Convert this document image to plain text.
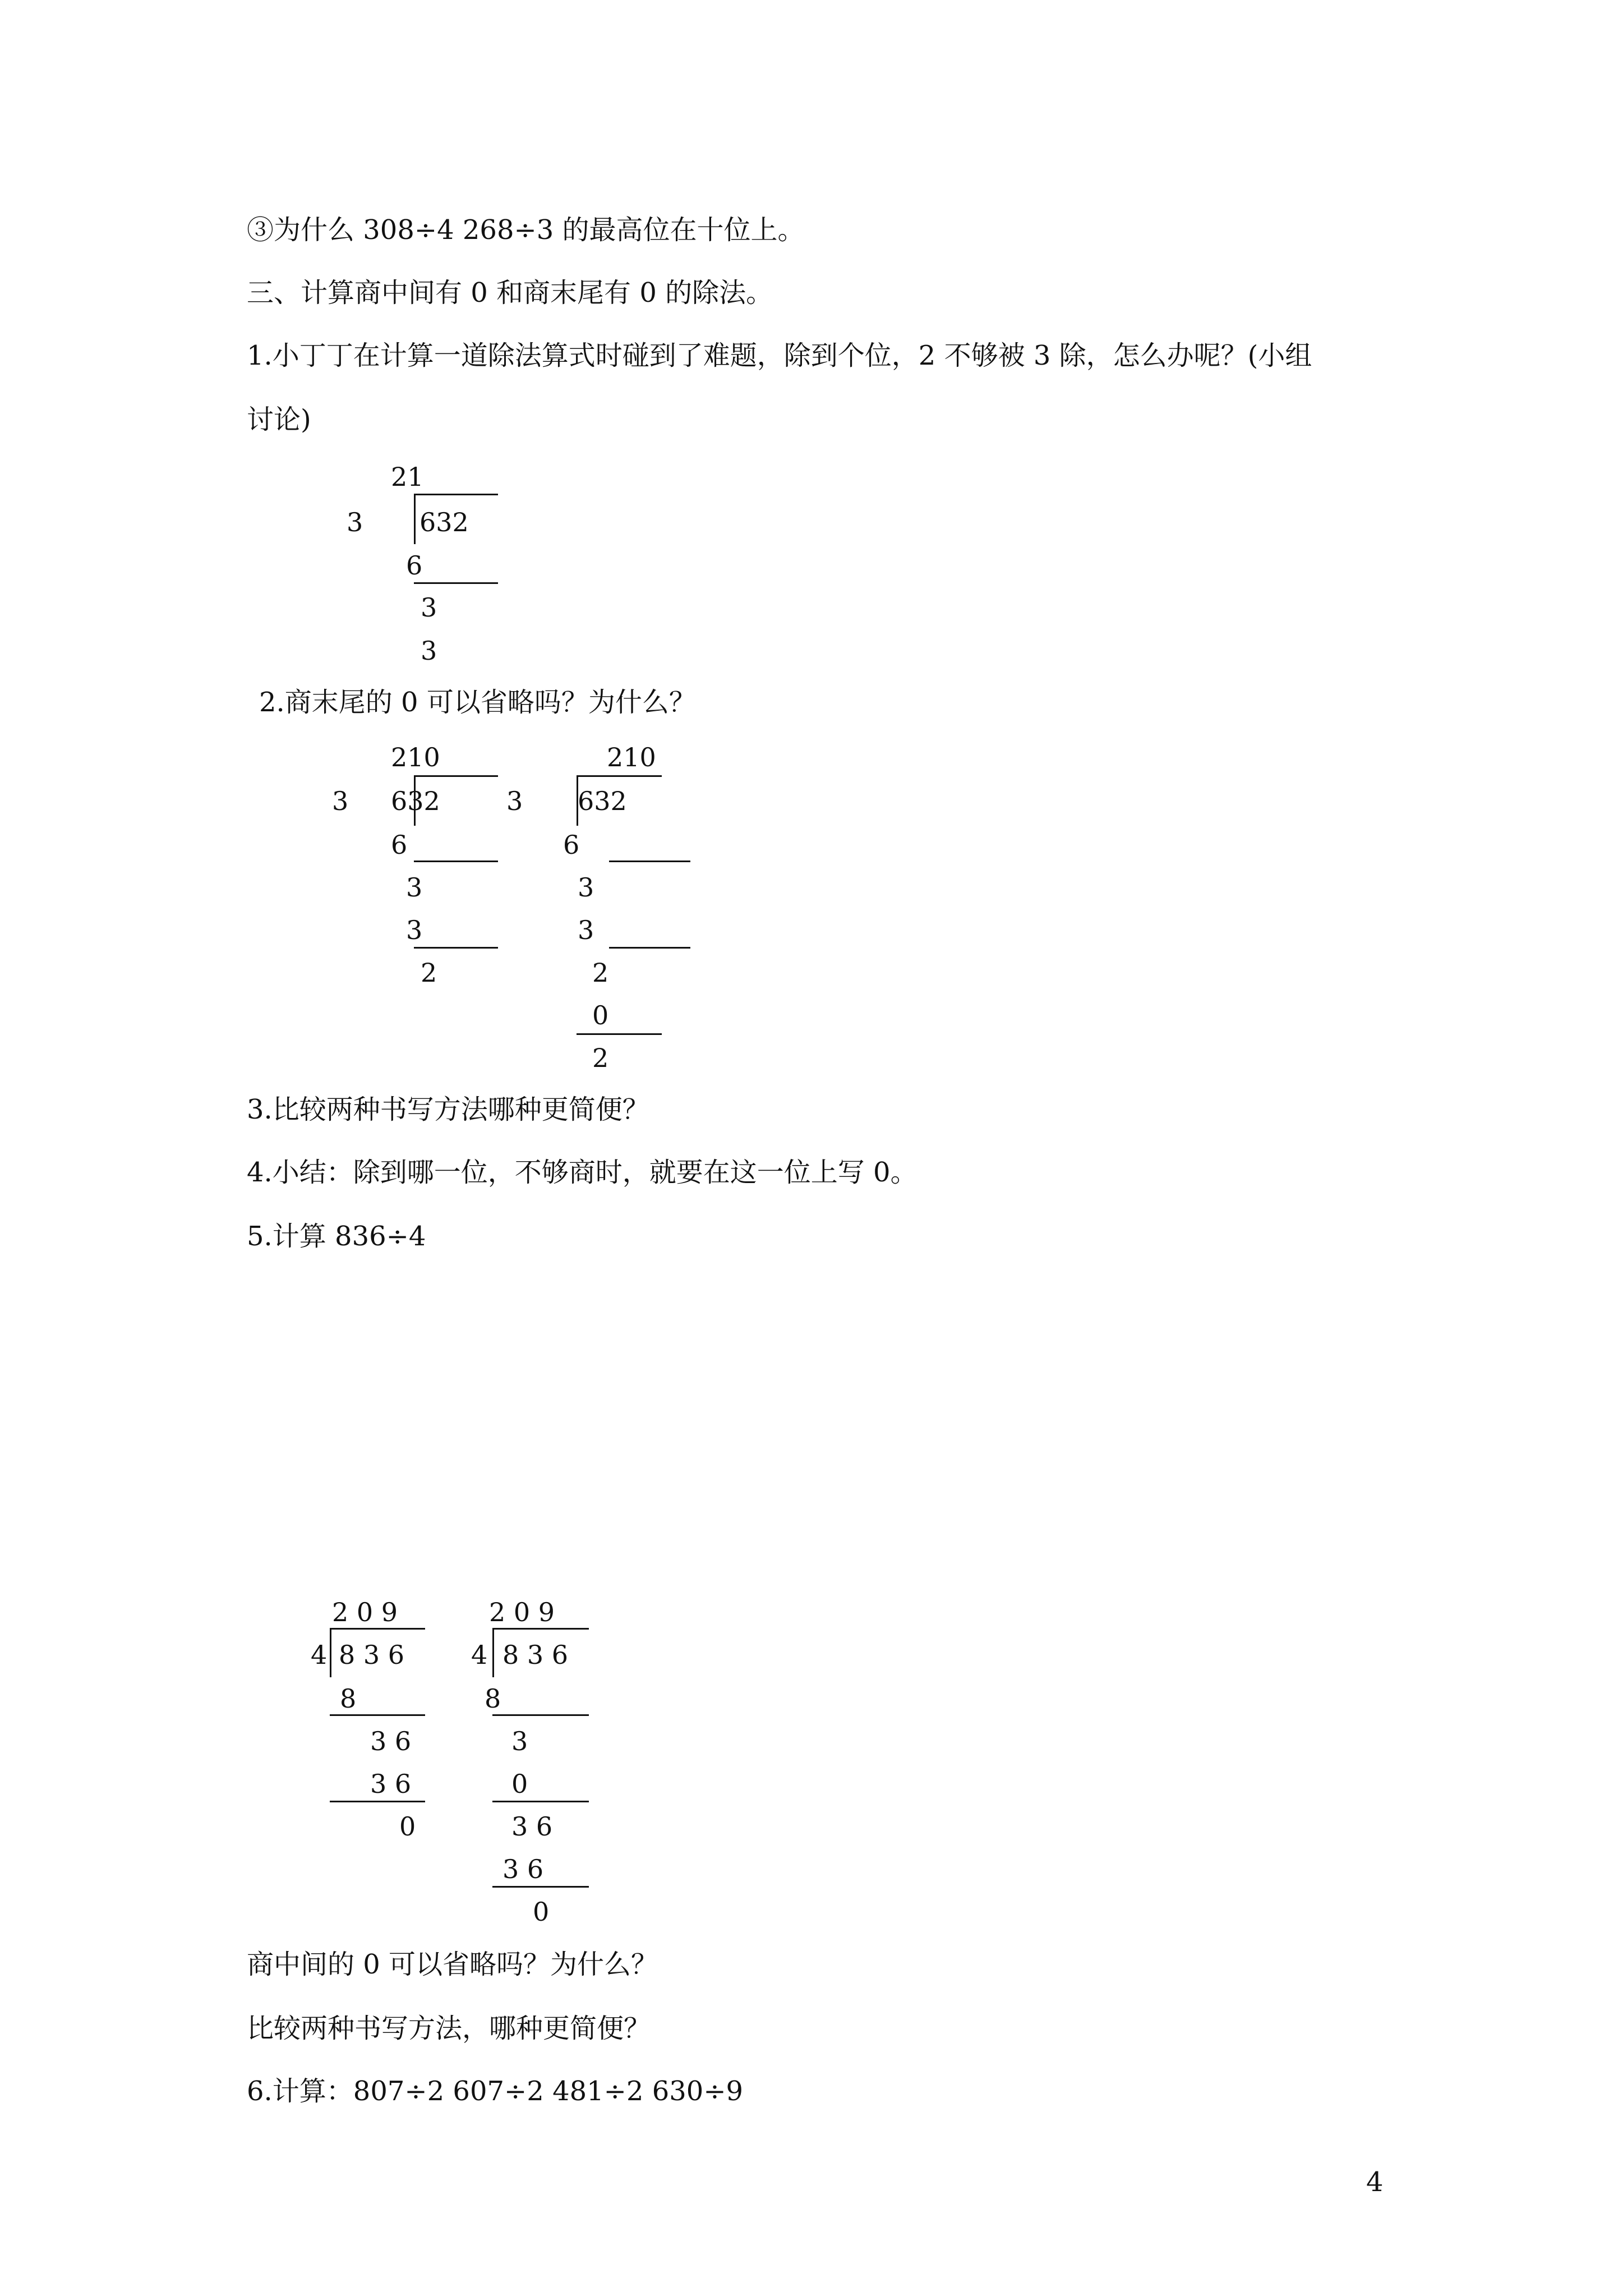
③为什么 308÷4 268÷3 的最高位在十位上。
三、计算商中间有 0 和商末尾有 0 的除法。
1.小丁丁在计算一道除法算式时碰到了难题，除到个位，2 不够被 3 除，怎么办呢？(小组
讨论)
21
3 632
6
3
3
2.商末尾的 0 可以省略吗？为什么？
210
3 632
6
3
3
2
210
3 632
6
3
3
2
0
2
3.比较两种书写方法哪种更简便？
4.小结：除到哪一位，不够商时，就要在这一位上写 0。
5.计算 836÷4
2 0 9
4 8 3 6
8
3 6
3 6
0
2 0 9
4 8 3 6
8
3
0
3 6
3 6
0
商中间的 0 可以省略吗？为什么？
比较两种书写方法，哪种更简便？
6.计算：807÷2 607÷2 481÷2 630÷9
4
